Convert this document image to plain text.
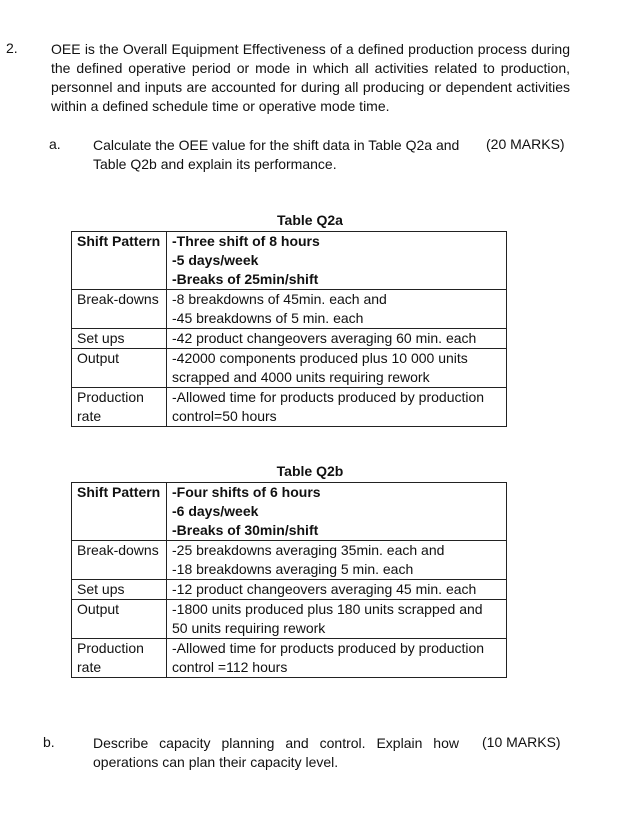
2. OEE is the Overall Equipment Effectiveness of a defined production process during the defined operative period or mode in which all activities related to production, personnel and inputs are accounted for during all producing or dependent activities within a defined schedule time or operative mode time.
a. Calculate the OEE value for the shift data in Table Q2a and Table Q2b and explain its performance.
(20 MARKS)
Table Q2a
Shift Pattern	-Three shift of 8 hours
-5 days/week
-Breaks of 25min/shift

Break-downs	-8 breakdowns of 45min. each and
-45 breakdowns of 5 min. each

Set ups	-42 product changeovers averaging 60 min. each

Output	-42000 components produced plus 10 000 units scrapped and 4000 units requiring rework

Production rate	-Allowed time for products produced by production control=50 hours
Table Q2b
Shift Pattern	-Four shifts of 6 hours
-6 days/week
-Breaks of 30min/shift

Break-downs	-25 breakdowns averaging 35min. each and
-18 breakdowns averaging 5 min. each

Set ups	-12 product changeovers averaging 45 min. each

Output	-1800 units produced plus 180 units scrapped and 50 units requiring rework

Production rate	-Allowed time for products produced by production control =112 hours
b.	Describe capacity planning and control. Explain how operations can plan their capacity level.
(10 MARKS)
